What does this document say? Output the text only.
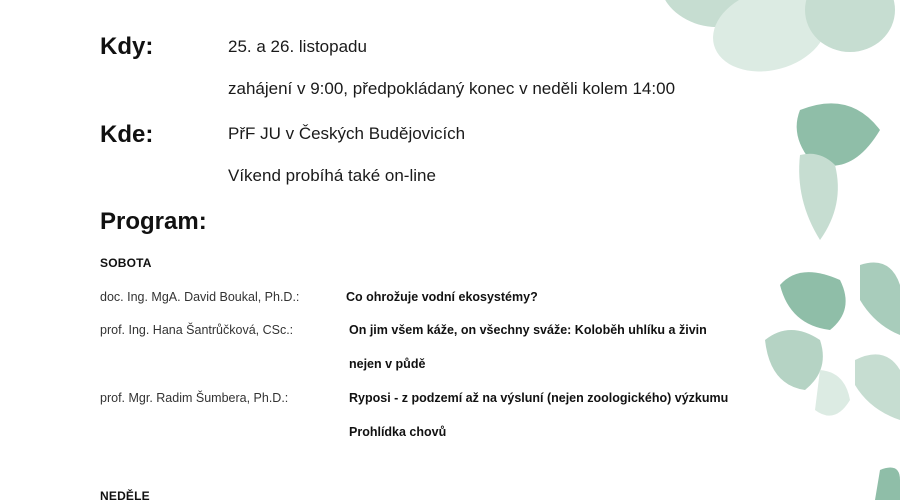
Kdy:	25. a 26. listopadu
zahájení v 9:00, předpokládaný konec v neděli kolem 14:00
Kde:	PřF JU v Českých Budějovicích
Víkend probíhá také on-line
Program:
SOBOTA
doc. Ing. MgA. David Boukal, Ph.D.:	Co ohrožuje vodní ekosystémy?
prof. Ing. Hana Šantrůčková, CSc.:	On jim všem káže, on všechny sváže: Koloběh uhlíku a živin
nejen v půdě
prof. Mgr. Radim Šumbera, Ph.D.:	Ryposi - z podzemí až na výsluní (nejen zoologického) výzkumu
Prohlídka chovů
NEDĚLE
